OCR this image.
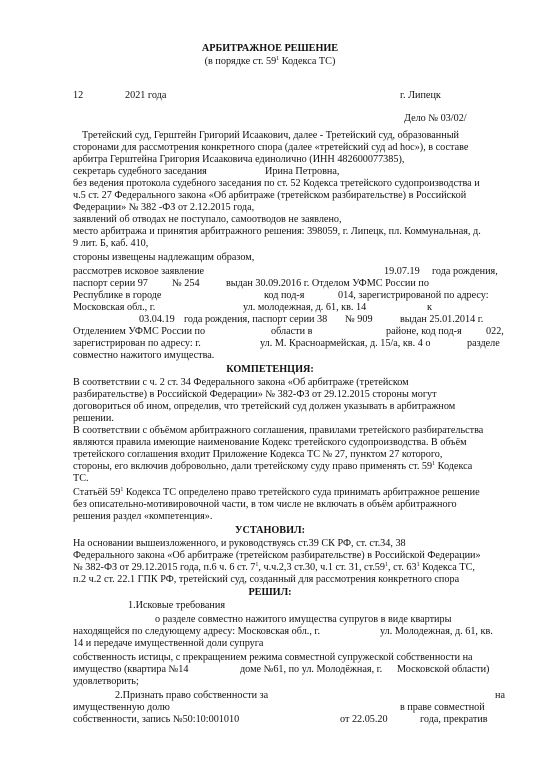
АРБИТРАЖНОЕ РЕШЕНИЕ
(в порядке ст. $59^1$ Кодекса ТС)
12	2021 года	г. Липецк
Дело № 03/02/
Третейский суд, Герштейн Григорий Исаакович, далее - Третейский суд, образованный
сторонами для рассмотрения конкретного спора (далее «третейский суд ad hoc»), в составе
арбитра Герштейна Григория Исааковича единолично (ИНН 482600077385),
секретарь судебного заседания	Ирина Петровна,
без ведения протокола судебного заседания по ст. 52 Кодекса третейского судопроизводства и
ч.5 ст. 27 Федерального закона «Об арбитраже (третейском разбирательстве) в Российской
Федерации» № 382 -ФЗ от 2.12.2015 года,
заявлений об отводах не поступало, самоотводов не заявлено,
место арбитража и принятия арбитражного решения: 398059, г. Липецк, пл. Коммунальная, д.
9 лит. Б, каб. 410,
стороны извещены надлежащим образом,
рассмотрев исковое заявление	19.07.19 года рождения,
паспорт серии 97 № 254	выдан 30.09.2016 г. Отделом УФМС России по
Республике в городе	код под-я	014, зарегистрированой по адресу:
Московская обл., г.	ул. молодежная, д. 61, кв. 14	к
03.04.19 года рождения, паспорт серии 38 № 909	выдан 25.01.2014 г.
Отделением УФМС России по	области в	районе, код под-я 022,
зарегистрирован по адресу: г.	ул. М. Красноармейская, д. 15/а, кв. 4 о	разделе
совместно нажитого имущества.
КОМПЕТЕНЦИЯ:
В соответствии с ч. 2 ст. 34 Федерального закона «Об арбитраже (третейском
разбирательстве) в Российской Федерации» № 382-ФЗ от 29.12.2015 стороны могут
договориться об ином, определив, что третейский суд должен указывать в арбитражном
решении.
В соответствии с объёмом арбитражного соглашения, правилами третейского разбирательства
являются правила имеющие наименование Кодекс третейского судопроизводства. В объём
третейского соглашения входит Приложение Кодекса ТС № 27, пунктом 27 которого,
стороны, его включив добровольно, дали третейскому суду право применять ст. $59^1$ Кодекса
ТС.
Статьёй $59^1$ Кодекса ТС определено право третейского суда принимать арбитражное решение
без описательно-мотивировочной части, в том числе не включать в объём арбитражного
решения раздел «компетенция».
УСТАНОВИЛ:
На основании вышеизложенного, и руководствуясь ст.39 СК РФ, ст. ст.34, 38
Федерального закона «Об арбитраже (третейском разбирательстве) в Российской Федерации»
№ 382-ФЗ от 29.12.2015 года, п.6 ч. 6 ст. $7^1$, ч.ч.2,3 ст.30, ч.1 ст. 31, $ст.59^1$, ст. $63^1$ Кодекса ТС,
п.2 ч.2 ст. 22.1 ГПК РФ, третейский суд, созданный для рассмотрения конкретного спора
РЕШИЛ:
1.Исковые требования
о разделе совместно нажитого имущества супругов в виде квартиры
находящейся по следующему адресу: Московская обл., г.	ул. Молодежная, д. 61, кв.
14 и передаче имущественной доли супруга
собственность истицы, с прекращением режима совместной супружеской собственности на
имущество (квартира №14	доме №61, по ул. Молодёжная, г. Московской области)
удовлетворить;
2.Признать право собственности за	на
имущественную долю	в праве совместной
собственности, запись №50:10:001010	от 22.05.20	года, прекратив
